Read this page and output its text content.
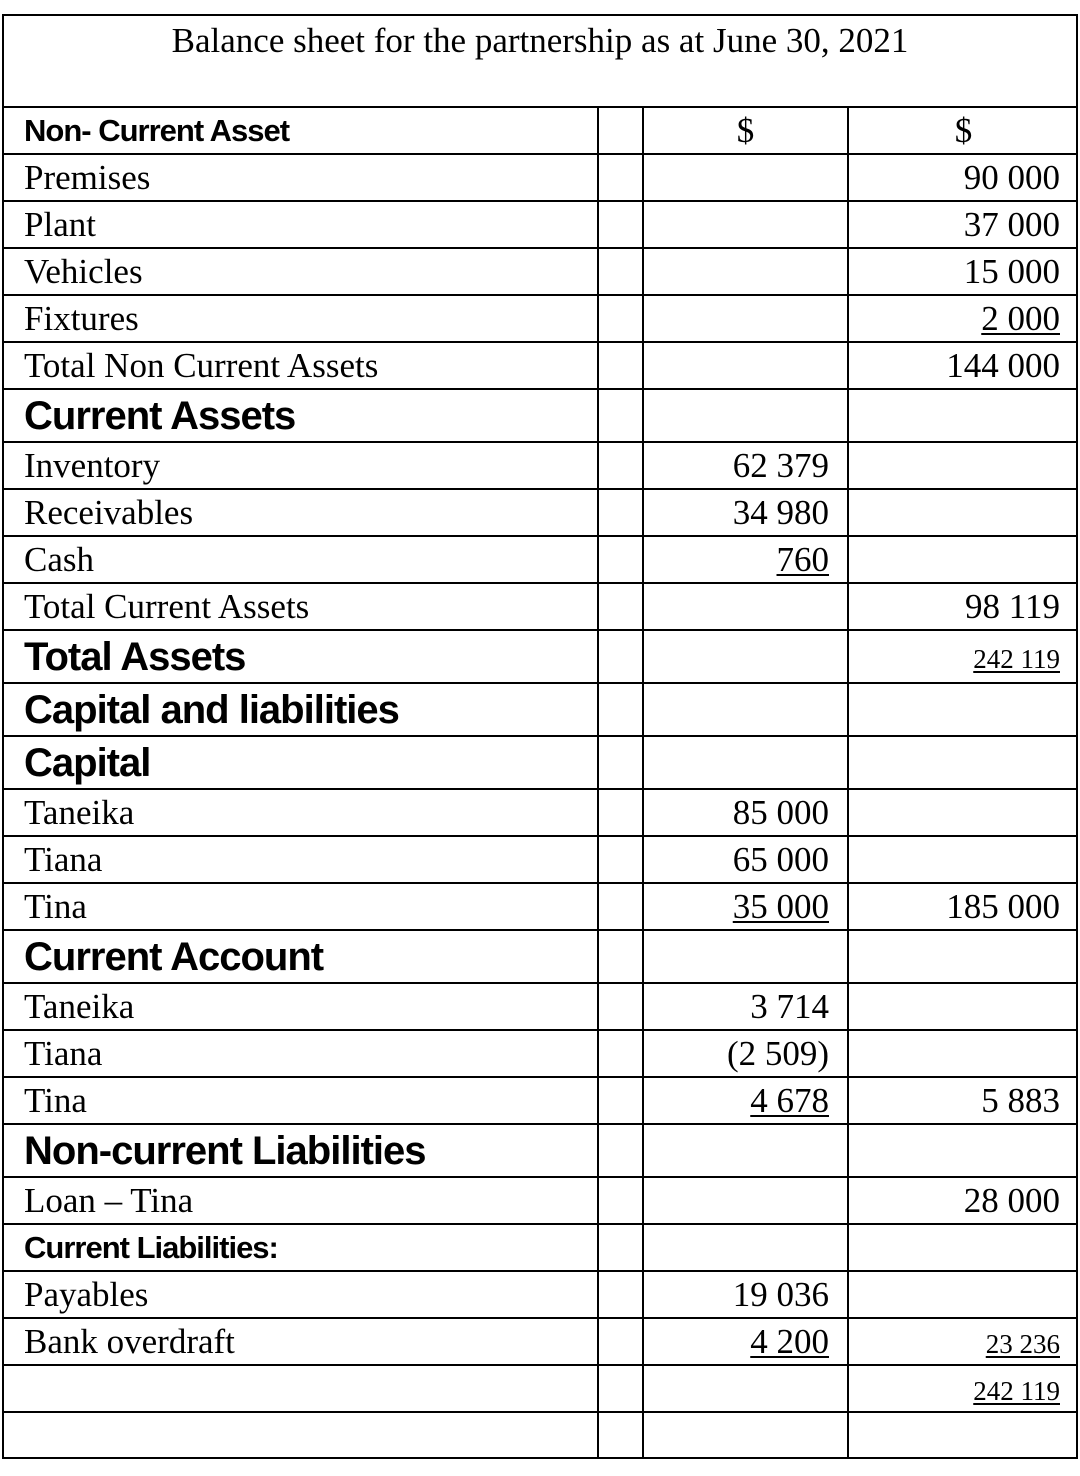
Balance sheet for the partnership as at June 30, 2021
Non- Current Asset		$	$
Premises			90 000
Plant			37 000
Vehicles			15 000
Fixtures			2 000
Total Non Current Assets			144 000
Current Assets			
Inventory		62 379	
Receivables		34 980	
Cash		760	
Total Current Assets			98 119
Total Assets			242 119
Capital and liabilities			
Capital			
Taneika		85 000	
Tiana		65 000	
Tina		35 000	185 000
Current Account			
Taneika		3 714	
Tiana		(2 509)	
Tina		4 678	5 883
Non-current Liabilities			
Loan – Tina			28 000
Current Liabilities:			
Payables		19 036	
Bank overdraft		4 200	23 236
			242 119
